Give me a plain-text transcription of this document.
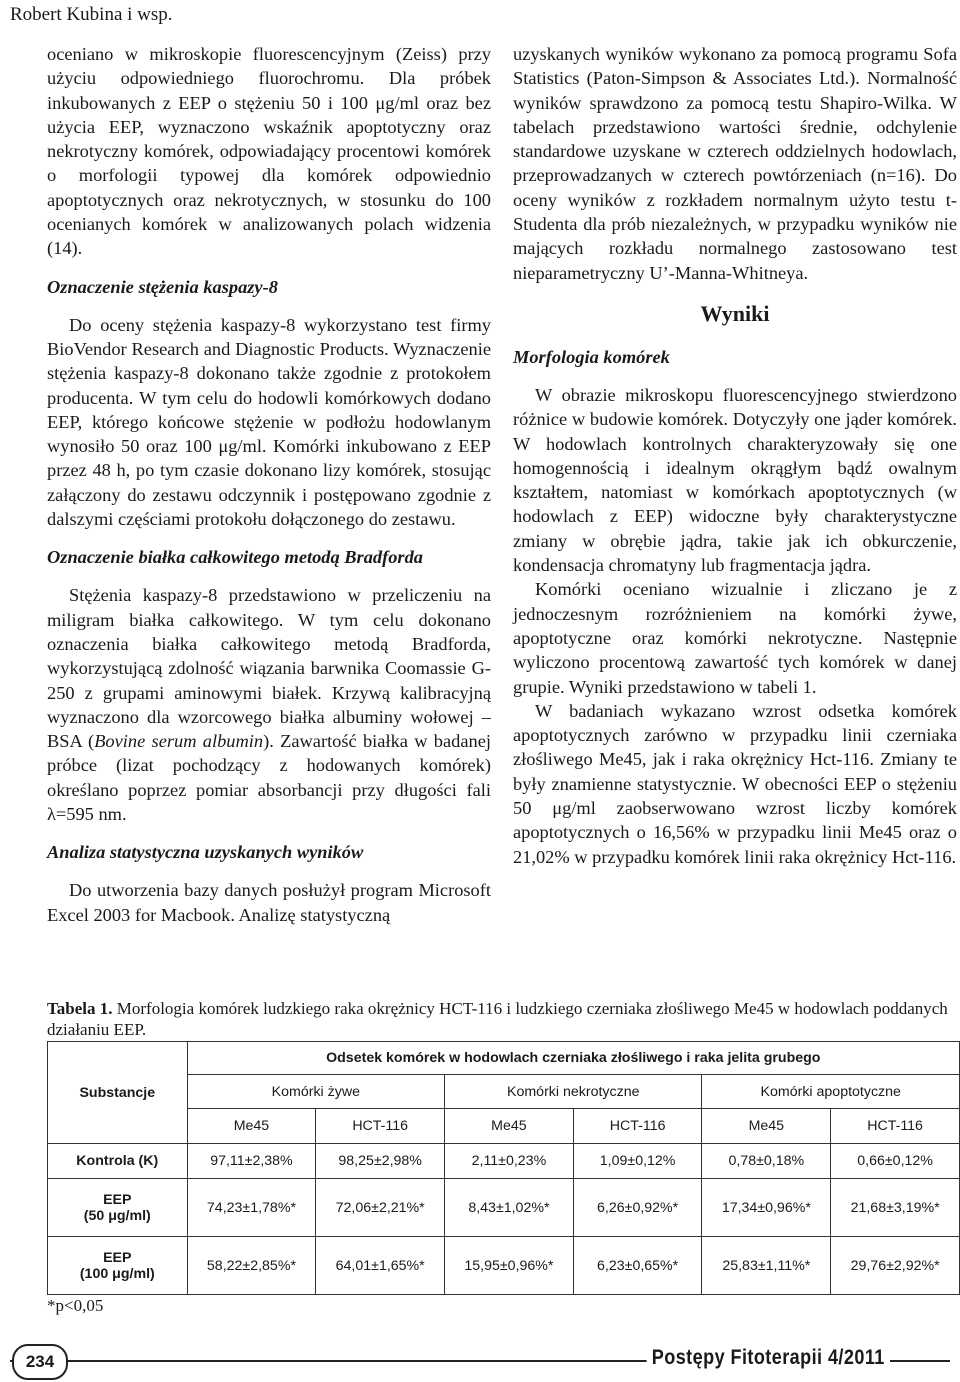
Robert Kubina i wsp.

oceniano w mikroskopie fluorescencyjnym (Zeiss) przy użyciu odpowiedniego fluorochromu. Dla próbek inkubowanych z EEP o stężeniu 50 i 100 μg/ml oraz bez użycia EEP, wyznaczono wskaźnik apoptotyczny oraz nekrotyczny komórek, odpowiadający procentowi komórek o morfologii typowej dla komórek odpowiednio apoptotycznych oraz nekrotycznych, w stosunku do 100 ocenianych komórek w analizowanych polach widzenia (14).

Oznaczenie stężenia kaspazy-8

Do oceny stężenia kaspazy-8 wykorzystano test firmy BioVendor Research and Diagnostic Products. Wyznaczenie stężenia kaspazy-8 dokonano także zgodnie z protokołem producenta. W tym celu do hodowli komórkowych dodano EEP, którego końcowe stężenie w podłożu hodowlanym wynosiło 50 oraz 100 μg/ml. Komórki inkubowano z EEP przez 48 h, po tym czasie dokonano lizy komórek, stosując załączony do zestawu odczynnik i postępowano zgodnie z dalszymi częściami protokołu dołączonego do zestawu.

Oznaczenie białka całkowitego metodą Bradforda

Stężenia kaspazy-8 przedstawiono w przeliczeniu na miligram białka całkowitego. W tym celu dokonano oznaczenia białka całkowitego metodą Bradforda, wykorzystującą zdolność wiązania barwnika Coomassie G-250 z grupami aminowymi białek. Krzywą kalibracyjną wyznaczono dla wzorcowego białka albuminy wołowej – BSA (Bovine serum albumin). Zawartość białka w badanej próbce (lizat pochodzący z hodowanych komórek) określano poprzez pomiar absorbancji przy długości fali λ=595 nm.

Analiza statystyczna uzyskanych wyników

Do utworzenia bazy danych posłużył program Microsoft Excel 2003 for Macbook. Analizę statystyczną

uzyskanych wyników wykonano za pomocą programu Sofa Statistics (Paton-Simpson & Associates Ltd.). Normalność wyników sprawdzono za pomocą testu Shapiro-Wilka. W tabelach przedstawiono wartości średnie, odchylenie standardowe uzyskane w czterech oddzielnych hodowlach, przeprowadzanych w czterech powtórzeniach (n=16). Do oceny wyników z rozkładem normalnym użyto testu t-Studenta dla prób niezależnych, w przypadku wyników nie mających rozkładu normalnego zastosowano test nieparametryczny U’-Manna-Whitneya.

Wyniki
Morfologia komórek

W obrazie mikroskopu fluorescencyjnego stwierdzono różnice w budowie komórek. Dotyczyły one jąder komórek. W hodowlach kontrolnych charakteryzowały się one homogennością i idealnym okrągłym bądź owalnym kształtem, natomiast w komórkach apoptotycznych (w hodowlach z EEP) widoczne były charakterystyczne zmiany w obrębie jądra, takie jak ich obkurczenie, kondensacja chromatyny lub fragmentacja jądra.

Komórki oceniano wizualnie i zliczano je z jednoczesnym rozróżnieniem na komórki żywe, apoptotyczne oraz komórki nekrotyczne. Następnie wyliczono procentową zawartość tych komórek w danej grupie. Wyniki przedstawiono w tabeli 1.

W badaniach wykazano wzrost odsetka komórek apoptotycznych zarówno w przypadku linii czerniaka złośliwego Me45, jak i raka okrężnicy Hct-116. Zmiany te były znamienne statystycznie. W obecności EEP o stężeniu 50 μg/ml zaobserwowano wzrost liczby komórek apoptotycznych o 16,56% w przypadku linii Me45 oraz o 21,02% w przypadku komórek linii raka okrężnicy Hct-116.

Tabela 1. Morfologia komórek ludzkiego raka okrężnicy HCT-116 i ludzkiego czerniaka złośliwego Me45 w hodowlach poddanych działaniu EEP.
Substancje	Odsetek komórek w hodowlach czerniaka złośliwego i raka jelita grubego					
	Komórki żywe		Komórki nekrotyczne		Komórki apoptotyczne	
	Me45	HCT-116	Me45	HCT-116	Me45	HCT-116

Kontrola (K)	97,11±2,38%	98,25±2,98%	2,11±0,23%	1,09±0,12%	0,78±0,18%	0,66±0,12%

EEP
(50 μg/ml)	74,23±1,78%*	72,06±2,21%*	8,43±1,02%*	6,26±0,92%*	17,34±0,96%*	21,68±3,19%*

EEP
(100 μg/ml)	58,22±2,85%*	64,01±1,65%*	15,95±0,96%*	6,23±0,65%*	25,83±1,11%*	29,76±2,92%*
*p<0,05
234	Postępy Fitoterapii 4/2011
